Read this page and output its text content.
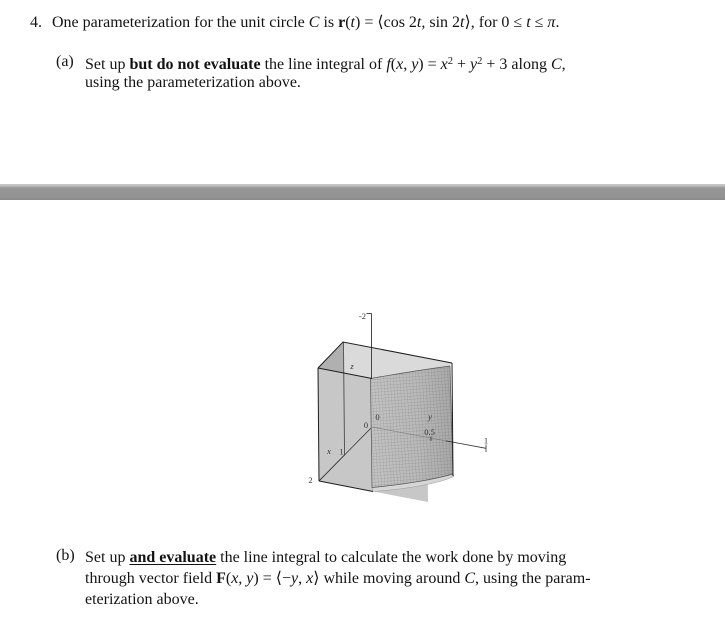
4. One parameterization for the unit circle C is r(t) = ⟨cos 2t, sin 2t⟩, for 0 ≤ t ≤ π.
(a) Set up but do not evaluate the line integral of f(x, $y) = x^2 + y^2 + 3$ along C,
using the parameterization above.
-2
z
0
0
x 1
2
y
0.5
1
(b) Set up and evaluate the line integral to calculate the work done by moving
through vector field F(x, y) = ⟨−y, x⟩ while moving around C, using the param-
eterization above.
